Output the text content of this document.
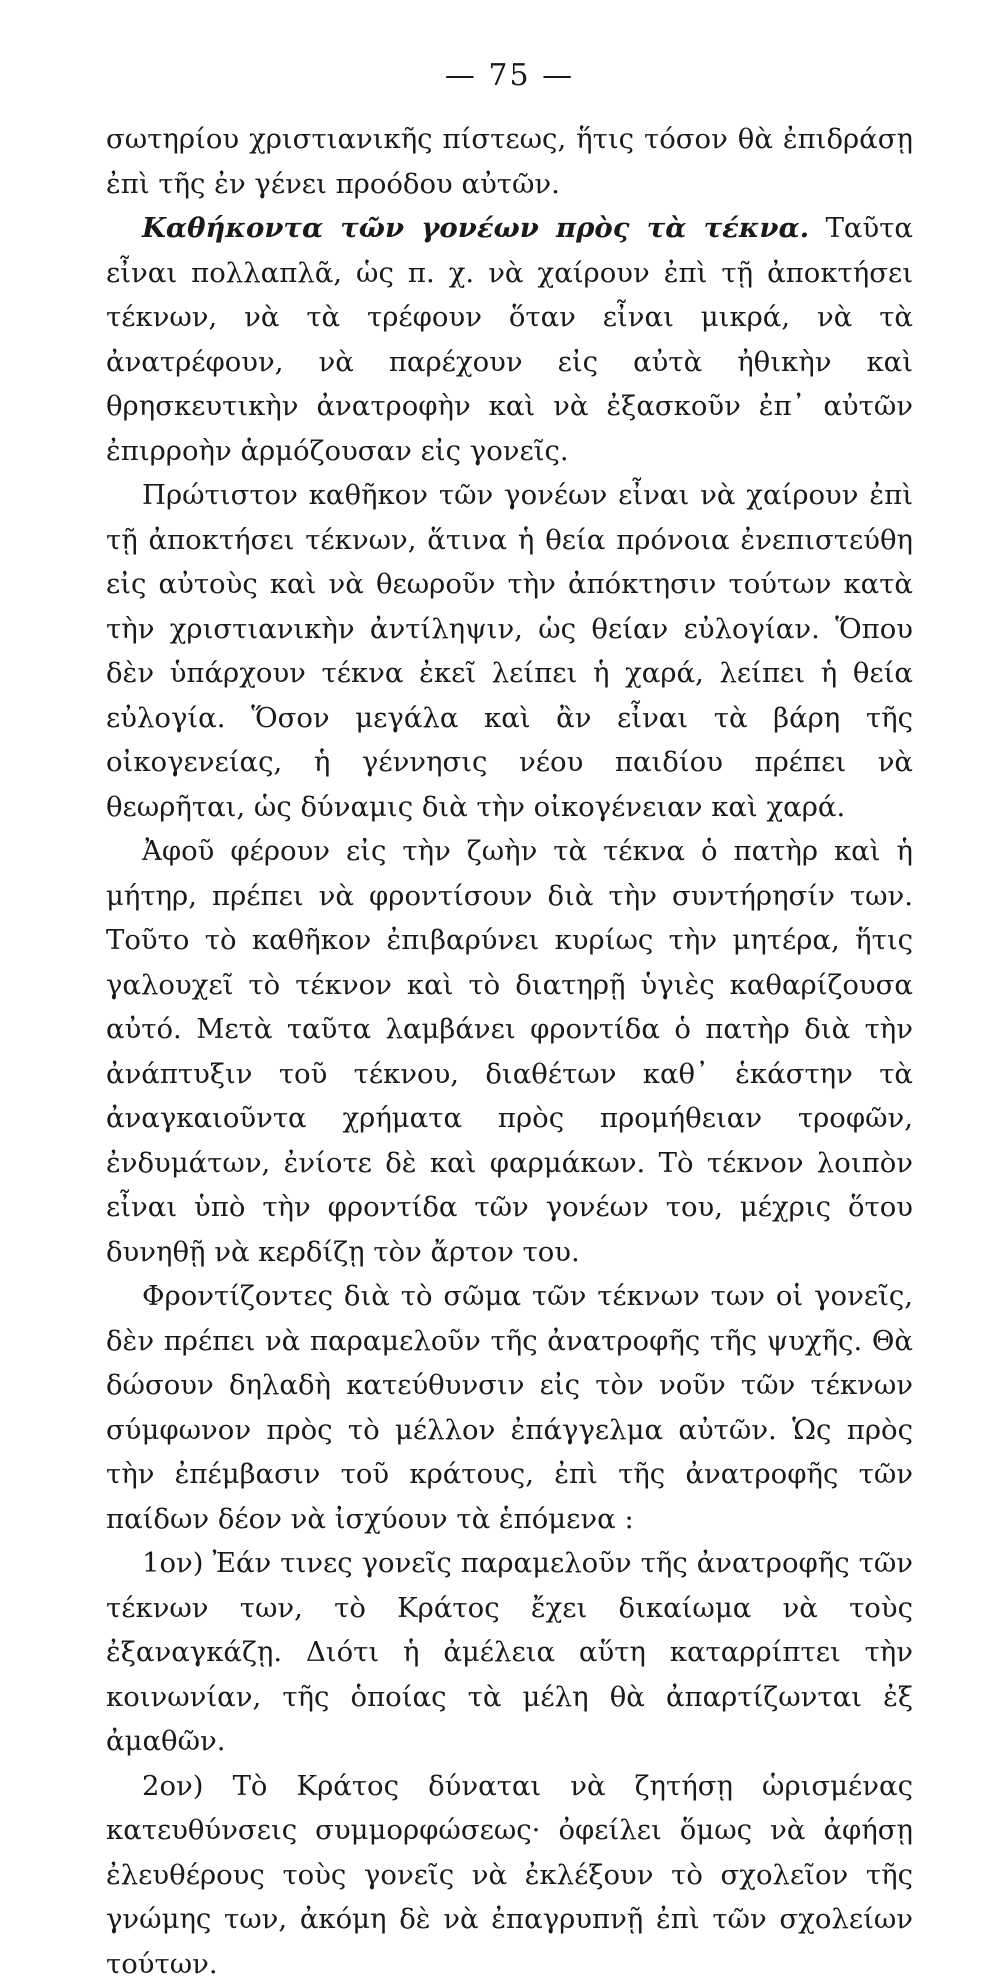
— 75 —

σωτηρίου χριστιανικῆς πίστεως, ἥτις τόσον θὰ ἐπιδράσῃ ἐπὶ τῆς ἐν γένει προόδου αὐτῶν.

Καθήκοντα τῶν γονέων πρὸς τὰ τέκνα. Ταῦτα εἶναι πολλαπλᾶ, ὡς π. χ. νὰ χαίρουν ἐπὶ τῇ ἀποκτήσει τέκνων, νὰ τὰ τρέφουν ὅταν εἶναι μικρά, νὰ τὰ ἀνατρέφουν, νὰ παρέχουν εἰς αὐτὰ ἠθικὴν καὶ θρησκευτικὴν ἀνατροφὴν καὶ νὰ ἐξασκοῦν ἐπ᾽ αὐτῶν ἐπιρροὴν ἁρμόζουσαν εἰς γονεῖς.

Πρώτιστον καθῆκον τῶν γονέων εἶναι νὰ χαίρουν ἐπὶ τῇ ἀποκτήσει τέκνων, ἅτινα ἡ θεία πρόνοια ἐνεπιστεύθη εἰς αὐτοὺς καὶ νὰ θεωροῦν τὴν ἀπόκτησιν τούτων κατὰ τὴν χριστιανικὴν ἀντίληψιν, ὡς θείαν εὐλογίαν. Ὅπου δὲν ὑπάρχουν τέκνα ἐκεῖ λείπει ἡ χαρά, λείπει ἡ θεία εὐλογία. Ὅσον μεγάλα καὶ ἂν εἶναι τὰ βάρη τῆς οἰκογενείας, ἡ γέννησις νέου παιδίου πρέπει νὰ θεωρῆται, ὡς δύναμις διὰ τὴν οἰκογένειαν καὶ χαρά.

Ἀφοῦ φέρουν εἰς τὴν ζωὴν τὰ τέκνα ὁ πατὴρ καὶ ἡ μήτηρ, πρέπει νὰ φροντίσουν διὰ τὴν συντήρησίν των. Τοῦτο τὸ καθῆκον ἐπιβαρύνει κυρίως τὴν μητέρα, ἥτις γαλουχεῖ τὸ τέκνον καὶ τὸ διατηρῇ ὑγιὲς καθαρίζουσα αὐτό. Μετὰ ταῦτα λαμβάνει φροντίδα ὁ πατὴρ διὰ τὴν ἀνάπτυξιν τοῦ τέκνου, διαθέτων καθ᾽ ἑκάστην τὰ ἀναγκαιοῦντα χρήματα πρὸς προμήθειαν τροφῶν, ἐνδυμάτων, ἐνίοτε δὲ καὶ φαρμάκων. Τὸ τέκνον λοιπὸν εἶναι ὑπὸ τὴν φροντίδα τῶν γονέων του, μέχρις ὅτου δυνηθῇ νὰ κερδίζῃ τὸν ἄρτον του.

Φροντίζοντες διὰ τὸ σῶμα τῶν τέκνων των οἱ γονεῖς, δὲν πρέπει νὰ παραμελοῦν τῆς ἀνατροφῆς τῆς ψυχῆς. Θὰ δώσουν δηλαδὴ κατεύθυνσιν εἰς τὸν νοῦν τῶν τέκνων σύμφωνον πρὸς τὸ μέλλον ἐπάγγελμα αὐτῶν. Ὡς πρὸς τὴν ἐπέμβασιν τοῦ κράτους, ἐπὶ τῆς ἀνατροφῆς τῶν παίδων δέον νὰ ἰσχύουν τὰ ἑπόμενα :

1ον) Ἐάν τινες γονεῖς παραμελοῦν τῆς ἀνατροφῆς τῶν τέκνων των, τὸ Κράτος ἔχει δικαίωμα νὰ τοὺς ἐξαναγκάζῃ. Διότι ἡ ἀμέλεια αὕτη καταρρίπτει τὴν κοινωνίαν, τῆς ὁποίας τὰ μέλη θὰ ἀπαρτίζωνται ἐξ ἀμαθῶν.

2ον) Τὸ Κράτος δύναται νὰ ζητήσῃ ὡρισμένας κατευθύνσεις συμμορφώσεως· ὀφείλει ὅμως νὰ ἀφήσῃ ἐλευθέρους τοὺς γονεῖς νὰ ἐκλέξουν τὸ σχολεῖον τῆς γνώμης των, ἀκόμη δὲ νὰ ἐπαγρυπνῇ ἐπὶ τῶν σχολείων τούτων.
